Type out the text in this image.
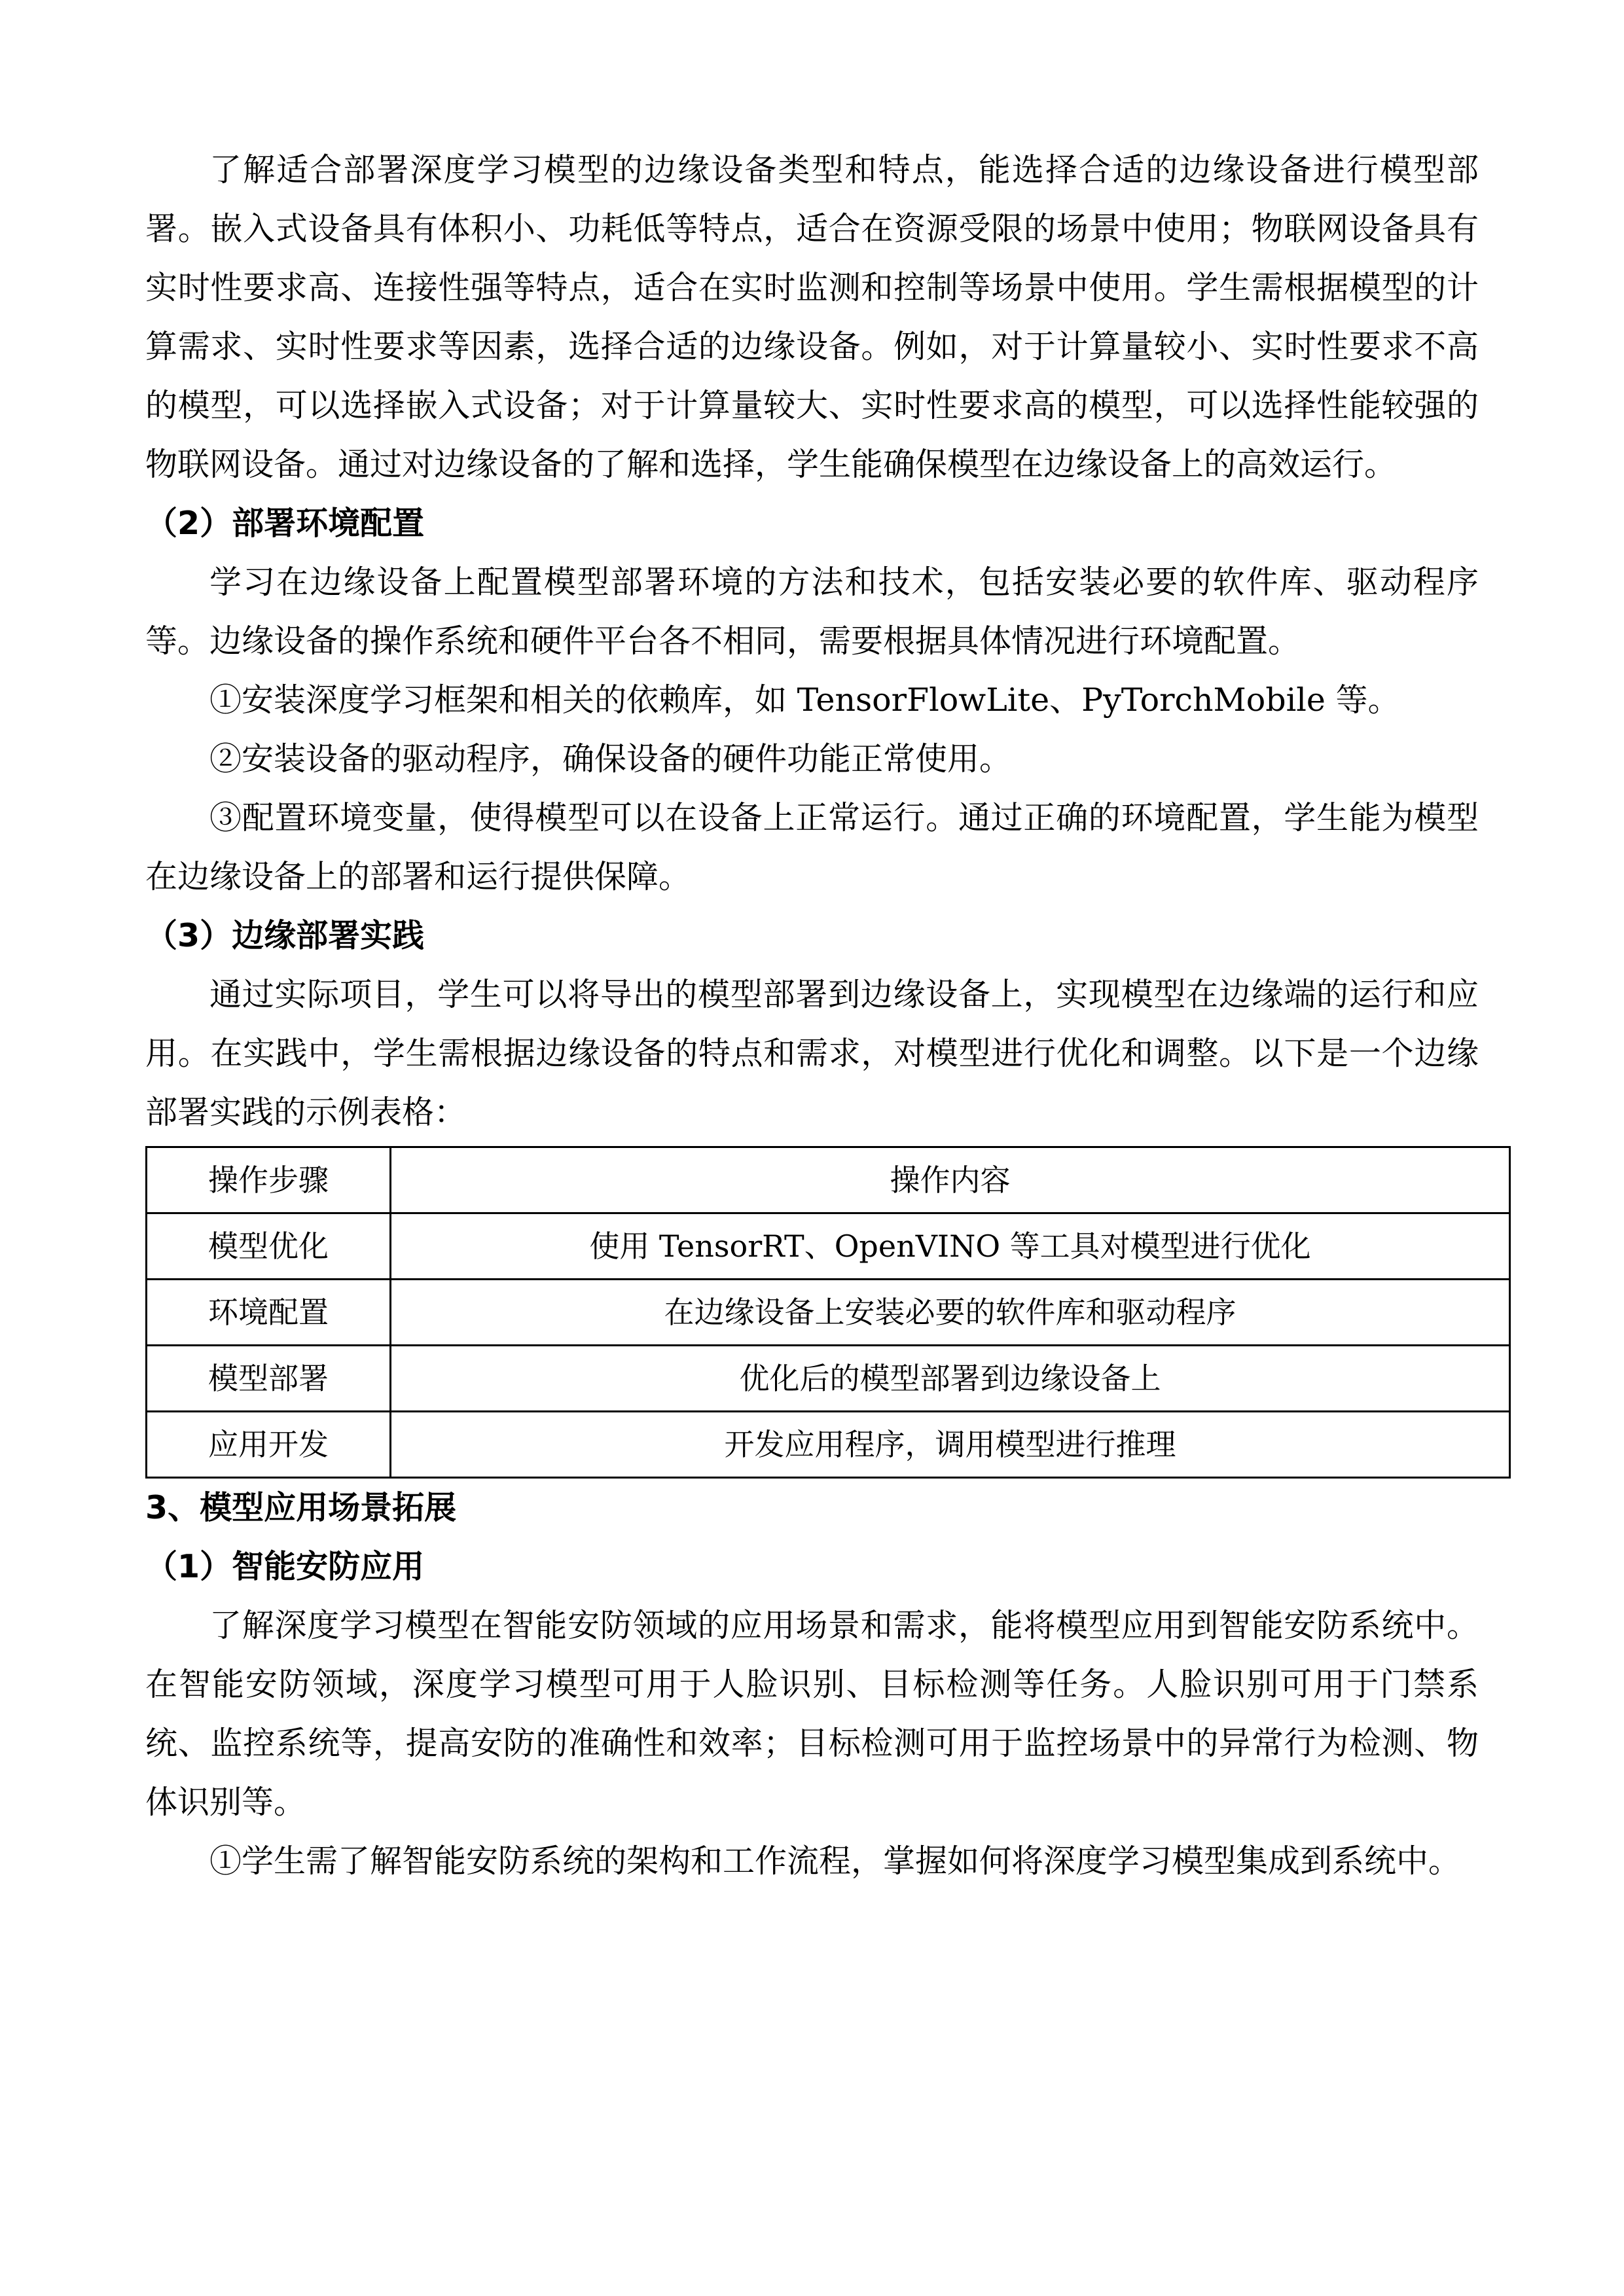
了解适合部署深度学习模型的边缘设备类型和特点，能选择合适的边缘设备进行模型部署。嵌入式设备具有体积小、功耗低等特点，适合在资源受限的场景中使用；物联网设备具有实时性要求高、连接性强等特点，适合在实时监测和控制等场景中使用。学生需根据模型的计算需求、实时性要求等因素，选择合适的边缘设备。例如，对于计算量较小、实时性要求不高的模型，可以选择嵌入式设备；对于计算量较大、实时性要求高的模型，可以选择性能较强的物联网设备。通过对边缘设备的了解和选择，学生能确保模型在边缘设备上的高效运行。

（2）部署环境配置

学习在边缘设备上配置模型部署环境的方法和技术，包括安装必要的软件库、驱动程序等。边缘设备的操作系统和硬件平台各不相同，需要根据具体情况进行环境配置。

①安装深度学习框架和相关的依赖库，如 TensorFlowLite、PyTorchMobile 等。

②安装设备的驱动程序，确保设备的硬件功能正常使用。

③配置环境变量，使得模型可以在设备上正常运行。通过正确的环境配置，学生能为模型在边缘设备上的部署和运行提供保障。

（3）边缘部署实践

通过实际项目，学生可以将导出的模型部署到边缘设备上，实现模型在边缘端的运行和应用。在实践中，学生需根据边缘设备的特点和需求，对模型进行优化和调整。以下是一个边缘部署实践的示例表格：

操作步骤	操作内容
模型优化	使用 TensorRT、OpenVINO 等工具对模型进行优化
环境配置	在边缘设备上安装必要的软件库和驱动程序
模型部署	优化后的模型部署到边缘设备上
应用开发	开发应用程序，调用模型进行推理
3、模型应用场景拓展
（1）智能安防应用

了解深度学习模型在智能安防领域的应用场景和需求，能将模型应用到智能安防系统中。在智能安防领域，深度学习模型可用于人脸识别、目标检测等任务。人脸识别可用于门禁系统、监控系统等，提高安防的准确性和效率；目标检测可用于监控场景中的异常行为检测、物体识别等。

①学生需了解智能安防系统的架构和工作流程，掌握如何将深度学习模型集成到系统中。
